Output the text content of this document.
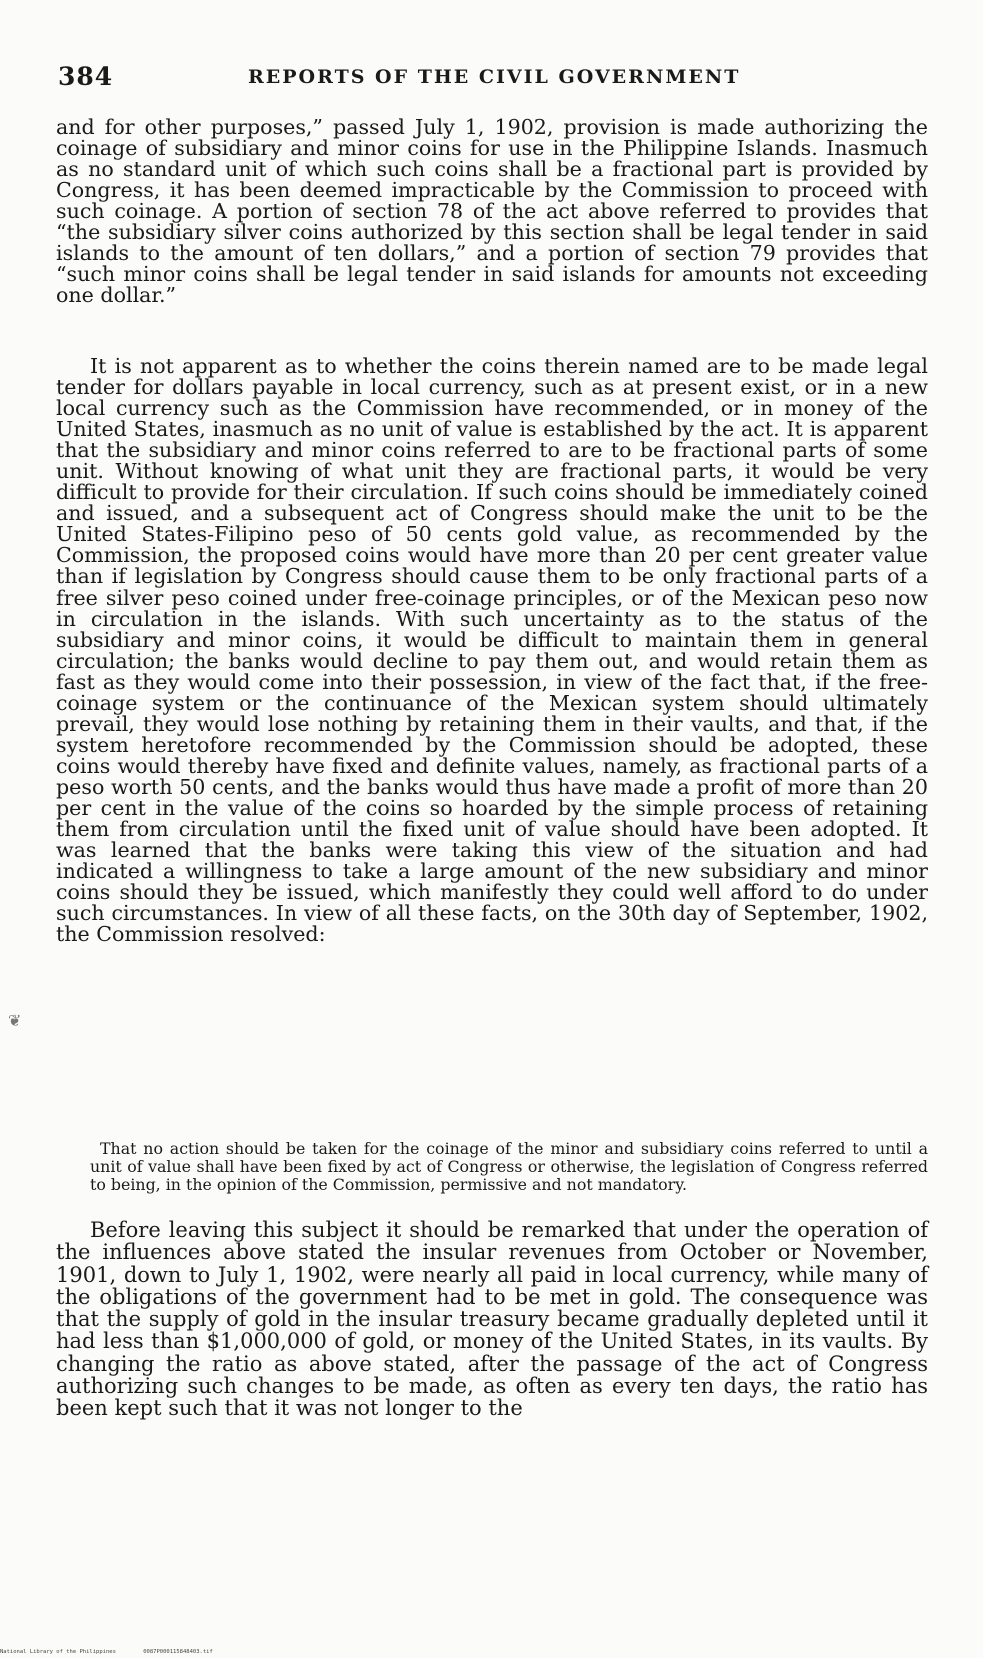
384	REPORTS OF THE CIVIL GOVERNMENT

and for other purposes,” passed July 1, 1902, provision is made authorizing the coinage of subsidiary and minor coins for use in the Philippine Islands. Inasmuch as no standard unit of which such coins shall be a fractional part is provided by Congress, it has been deemed impracticable by the Commission to proceed with such coinage. A portion of section 78 of the act above referred to provides that “the subsidiary silver coins authorized by this section shall be legal tender in said islands to the amount of ten dollars,” and a portion of section 79 provides that “such minor coins shall be legal tender in said islands for amounts not exceeding one dollar.”

It is not apparent as to whether the coins therein named are to be made legal tender for dollars payable in local currency, such as at present exist, or in a new local currency such as the Commission have recommended, or in money of the United States, inasmuch as no unit of value is established by the act. It is apparent that the subsidiary and minor coins referred to are to be fractional parts of some unit. Without knowing of what unit they are fractional parts, it would be very difficult to provide for their circulation. If such coins should be immediately coined and issued, and a subsequent act of Congress should make the unit to be the United States-Filipino peso of 50 cents gold value, as recommended by the Commission, the proposed coins would have more than 20 per cent greater value than if legislation by Congress should cause them to be only fractional parts of a free silver peso coined under free-coinage principles, or of the Mexican peso now in circulation in the islands. With such uncertainty as to the status of the subsidiary and minor coins, it would be difficult to maintain them in general circulation; the banks would decline to pay them out, and would retain them as fast as they would come into their possession, in view of the fact that, if the free-coinage system or the continuance of the Mexican system should ultimately prevail, they would lose nothing by retaining them in their vaults, and that, if the system heretofore recommended by the Commission should be adopted, these coins would thereby have fixed and definite values, namely, as fractional parts of a peso worth 50 cents, and the banks would thus have made a profit of more than 20 per cent in the value of the coins so hoarded by the simple process of retaining them from circulation until the fixed unit of value should have been adopted. It was learned that the banks were taking this view of the situation and had indicated a willingness to take a large amount of the new subsidiary and minor coins should they be issued, which manifestly they could well afford to do under such circumstances. In view of all these facts, on the 30th day of September, 1902, the Commission resolved:

That no action should be taken for the coinage of the minor and subsidiary coins referred to until a unit of value shall have been fixed by act of Congress or otherwise, the legislation of Congress referred to being, in the opinion of the Commission, permissive and not mandatory.

Before leaving this subject it should be remarked that under the operation of the influences above stated the insular revenues from October or November, 1901, down to July 1, 1902, were nearly all paid in local currency, while many of the obligations of the government had to be met in gold. The consequence was that the supply of gold in the insular treasury became gradually depleted until it had less than $1,000,000 of gold, or money of the United States, in its vaults. By changing the ratio as above stated, after the passage of the act of Congress authorizing such changes to be made, as often as every ten days, the ratio has been kept such that it was not longer to the

❦
National Library of the Philippines	0087P000115848403.tif
